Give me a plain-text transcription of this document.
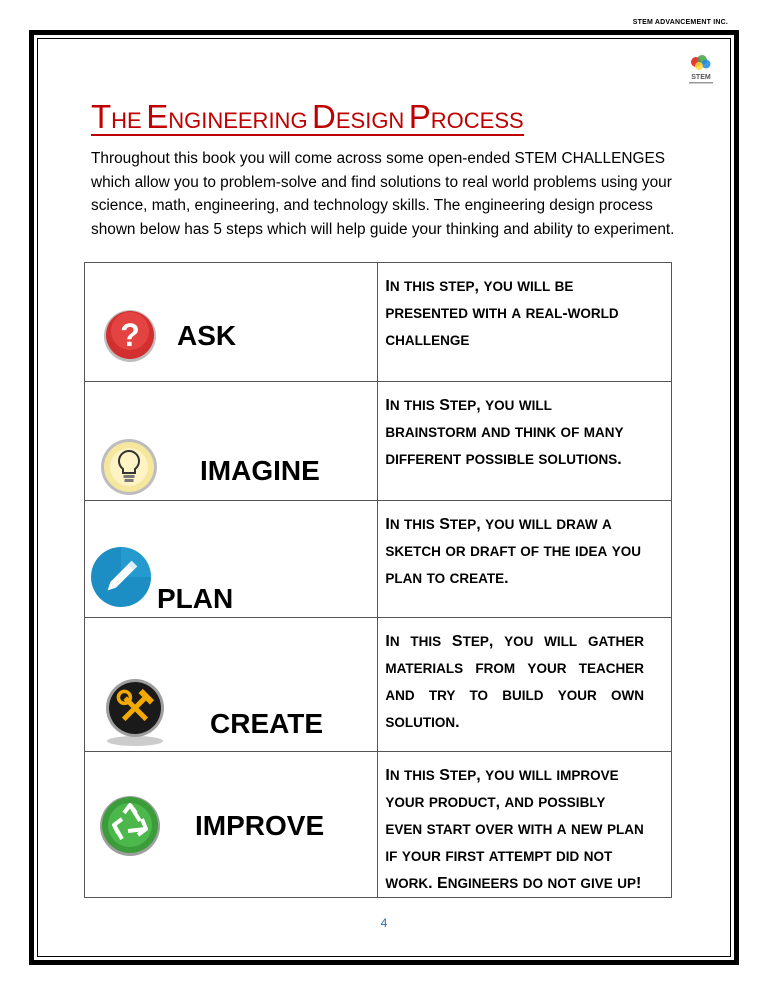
STEM ADVANCEMENT INC.
STEM
THE ENGINEERING DESIGN PROCESS

Throughout this book you will come across some open-ended STEM CHALLENGES which allow you to problem-solve and find solutions to real world problems using your science, math, engineering, and technology skills. The engineering design process shown below has 5 steps which will help guide your thinking and ability to experiment.

? ASK	IN THIS STEP, YOU WILL BE PRESENTED WITH A REAL-WORLD CHALLENGE

IMAGINE	IN THIS STEP, YOU WILL BRAINSTORM AND THINK OF MANY DIFFERENT POSSIBLE SOLUTIONS.

PLAN	IN THIS STEP, YOU WILL DRAW A SKETCH OR DRAFT OF THE IDEA YOU PLAN TO CREATE.

CREATE	IN THIS STEP, YOU WILL GATHER MATERIALS FROM YOUR TEACHER AND TRY TO BUILD YOUR OWN SOLUTION.

IMPROVE	IN THIS STEP, YOU WILL IMPROVE YOUR PRODUCT, AND POSSIBLY EVEN START OVER WITH A NEW PLAN IF YOUR FIRST ATTEMPT DID NOT WORK. ENGINEERS DO NOT GIVE UP!
4
